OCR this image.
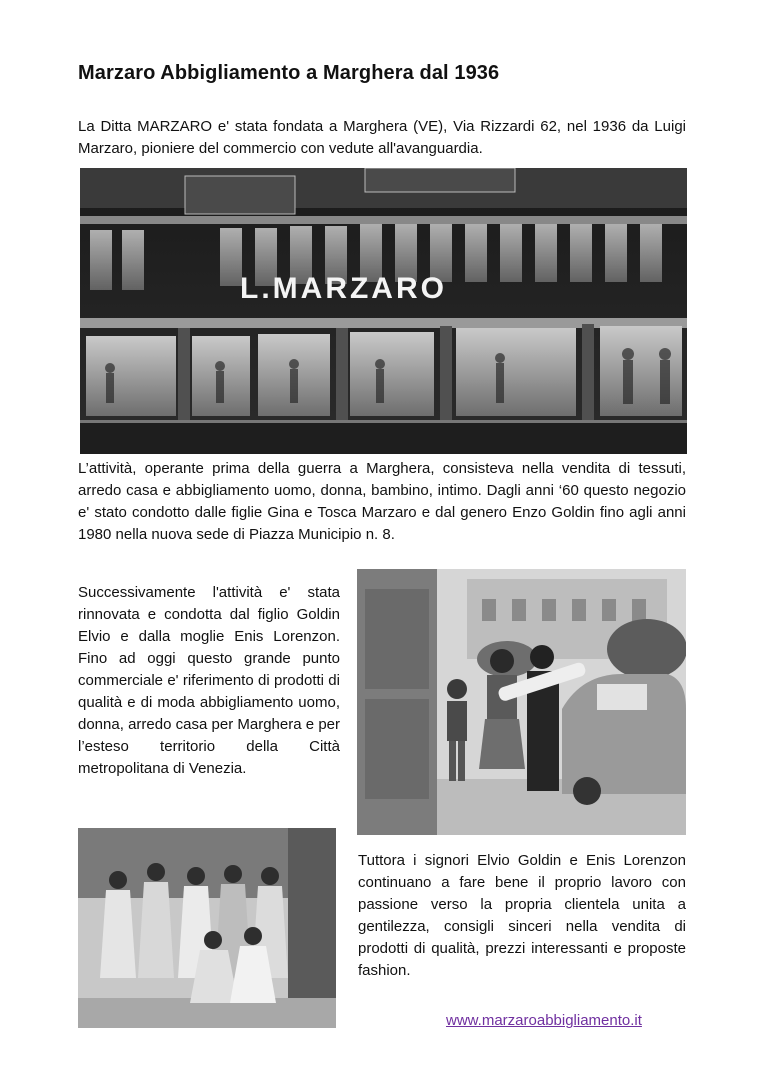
Marzaro Abbigliamento a Marghera dal 1936
La Ditta MARZARO e' stata fondata a Marghera (VE), Via Rizzardi 62, nel 1936 da Luigi Marzaro, pioniere del commercio con vedute all'avanguardia.
L.MARZARO
L’attività, operante prima della guerra a Marghera, consisteva nella vendita di tessuti, arredo casa e abbigliamento uomo, donna, bambino, intimo. Dagli anni ‘60 questo negozio e' stato condotto dalle figlie Gina e Tosca Marzaro e dal genero Enzo Goldin fino agli anni 1980 nella nuova sede di Piazza Municipio n. 8.
Successivamente l'attività e' stata rinnovata e condotta dal figlio Goldin Elvio e dalla moglie Enis Lorenzon. Fino ad oggi questo grande punto commerciale e' riferimento di prodotti di qualità e di moda abbigliamento uomo, donna, arredo casa per Marghera e per l’esteso territorio della Città metropolitana di Venezia.
Tuttora i signori Elvio Goldin e Enis Lorenzon continuano a fare bene il proprio lavoro con passione verso la propria clientela unita a gentilezza, consigli sinceri nella vendita di prodotti di qualità, prezzi interessanti e proposte fashion.
www.marzaroabbigliamento.it
